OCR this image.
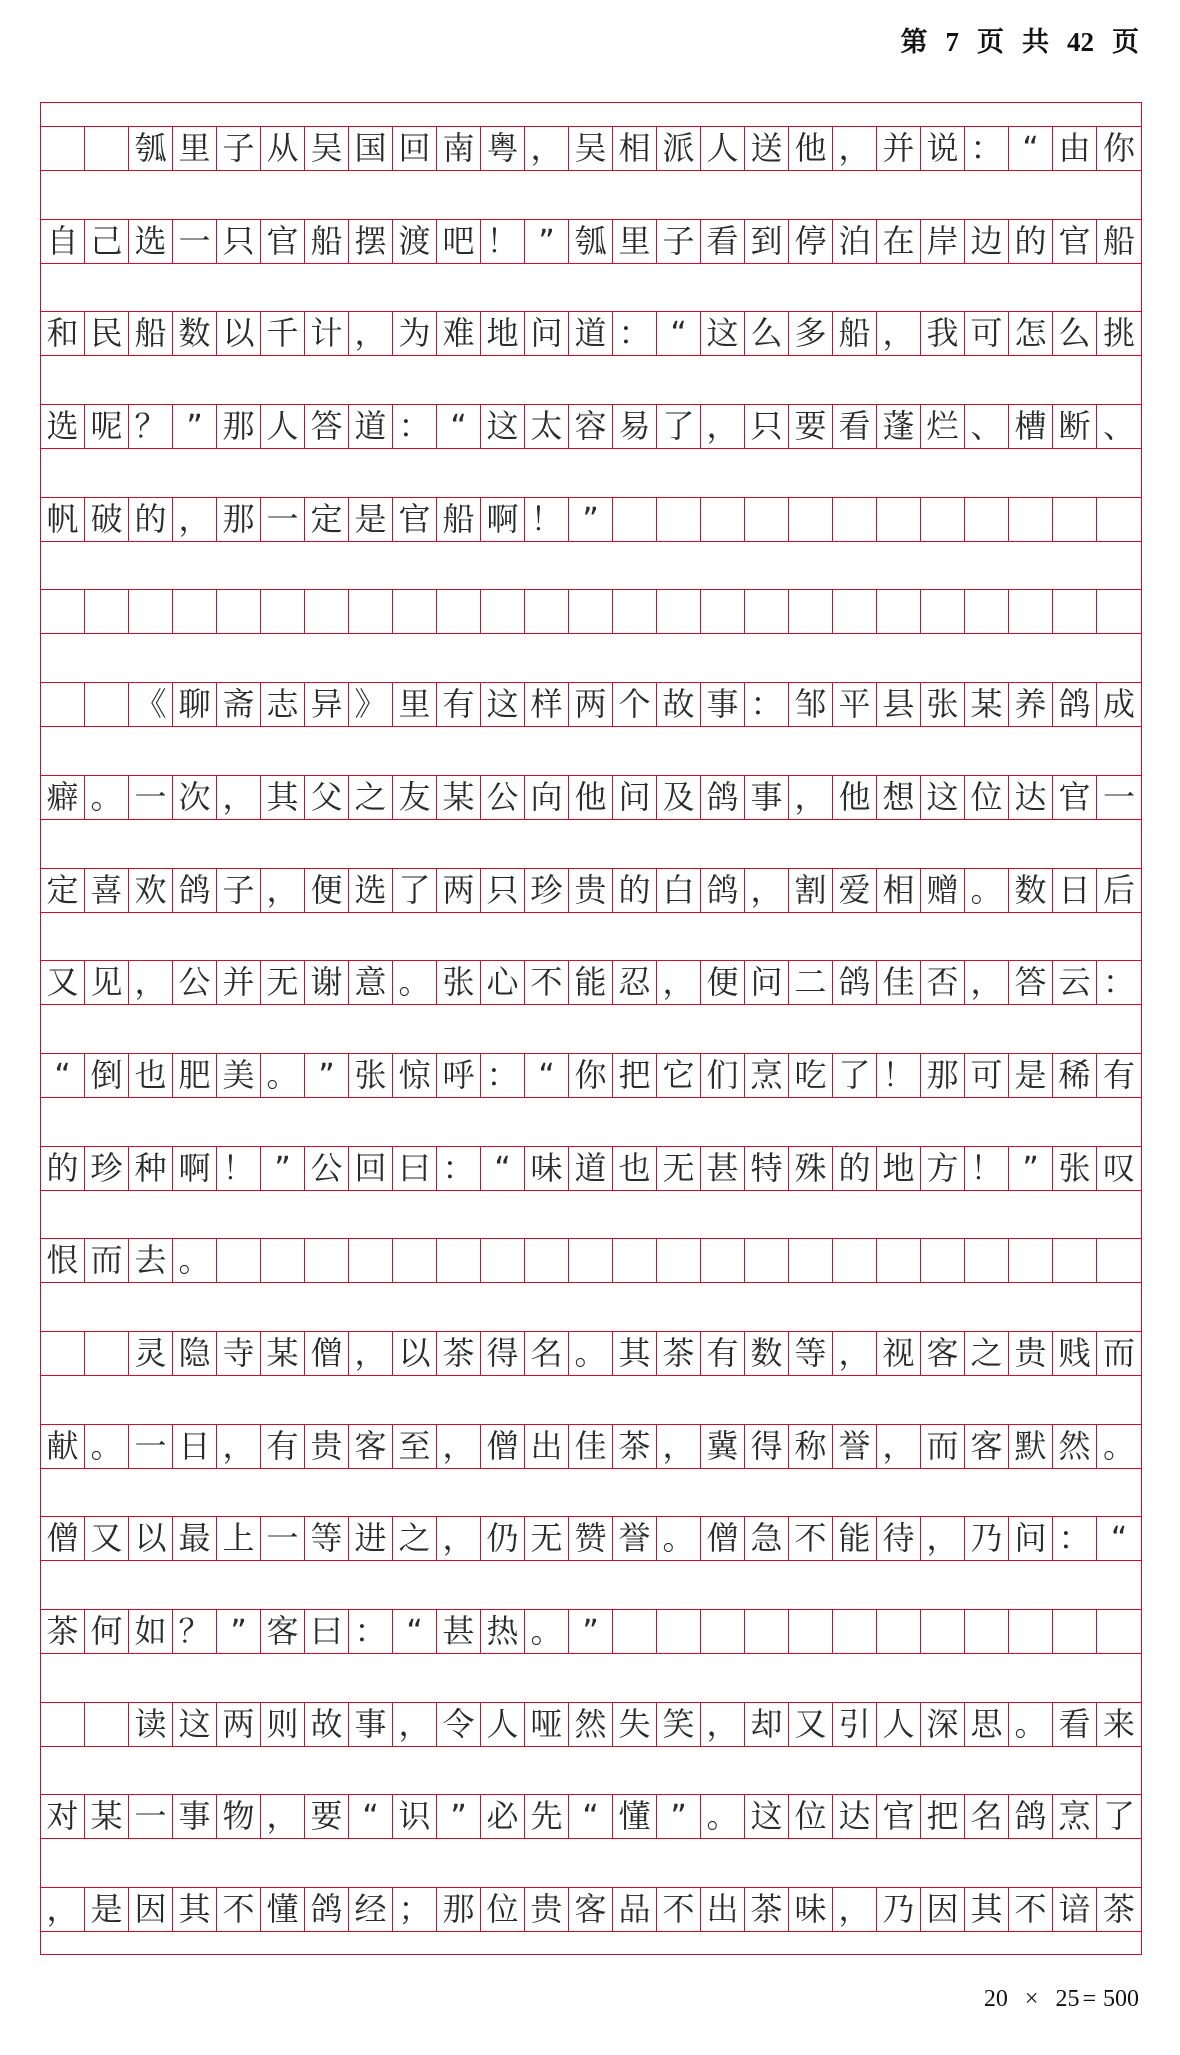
第 7 页 共 42 页

瓠 里 子 从 吴 国 回 南 粤 ， 吴 相 派 人 送 他 ， 并 说 ： “ 由 你
自 己 选 一 只 官 船 摆 渡 吧 ！ ” 瓠 里 子 看 到 停 泊 在 岸 边 的 官 船
和 民 船 数 以 千 计 ， 为 难 地 问 道 ： “ 这 么 多 船 ， 我 可 怎 么 挑
选 呢 ？ ” 那 人 答 道 ： “ 这 太 容 易 了 ， 只 要 看 蓬 烂 、 槽 断 、
帆 破 的 ， 那 一 定 是 官 船 啊 ！ ”

《 聊 斋 志 异 》 里 有 这 样 两 个 故 事 ： 邹 平 县 张 某 养 鸽 成
癖 。 一 次 ， 其 父 之 友 某 公 向 他 问 及 鸽 事 ， 他 想 这 位 达 官 一
定 喜 欢 鸽 子 ， 便 选 了 两 只 珍 贵 的 白 鸽 ， 割 爱 相 赠 。 数 日 后
又 见 ， 公 并 无 谢 意 。 张 心 不 能 忍 ， 便 问 二 鸽 佳 否 ， 答 云 ：
“ 倒 也 肥 美 。 ” 张 惊 呼 ： “ 你 把 它 们 烹 吃 了 ！ 那 可 是 稀 有
的 珍 种 啊 ！ ” 公 回 曰 ： “ 味 道 也 无 甚 特 殊 的 地 方 ！ ” 张 叹
恨 而 去 。

灵 隐 寺 某 僧 ， 以 茶 得 名 。 其 茶 有 数 等 ， 视 客 之 贵 贱 而
献 。 一 日 ， 有 贵 客 至 ， 僧 出 佳 茶 ， 冀 得 称 誉 ， 而 客 默 然 。
僧 又 以 最 上 一 等 进 之 ， 仍 无 赞 誉 。 僧 急 不 能 待 ， 乃 问 ： “
茶 何 如 ？ ” 客 曰 ： “ 甚 热 。 ”

读 这 两 则 故 事 ， 令 人 哑 然 失 笑 ， 却 又 引 人 深 思 。 看 来
对 某 一 事 物 ， 要 “ 识 ” 必 先 “ 懂 ” 。 这 位 达 官 把 名 鸽 烹 了
， 是 因 其 不 懂 鸽 经 ； 那 位 贵 客 品 不 出 茶 味 ， 乃 因 其 不 谙 茶
20 × 25 = 500
